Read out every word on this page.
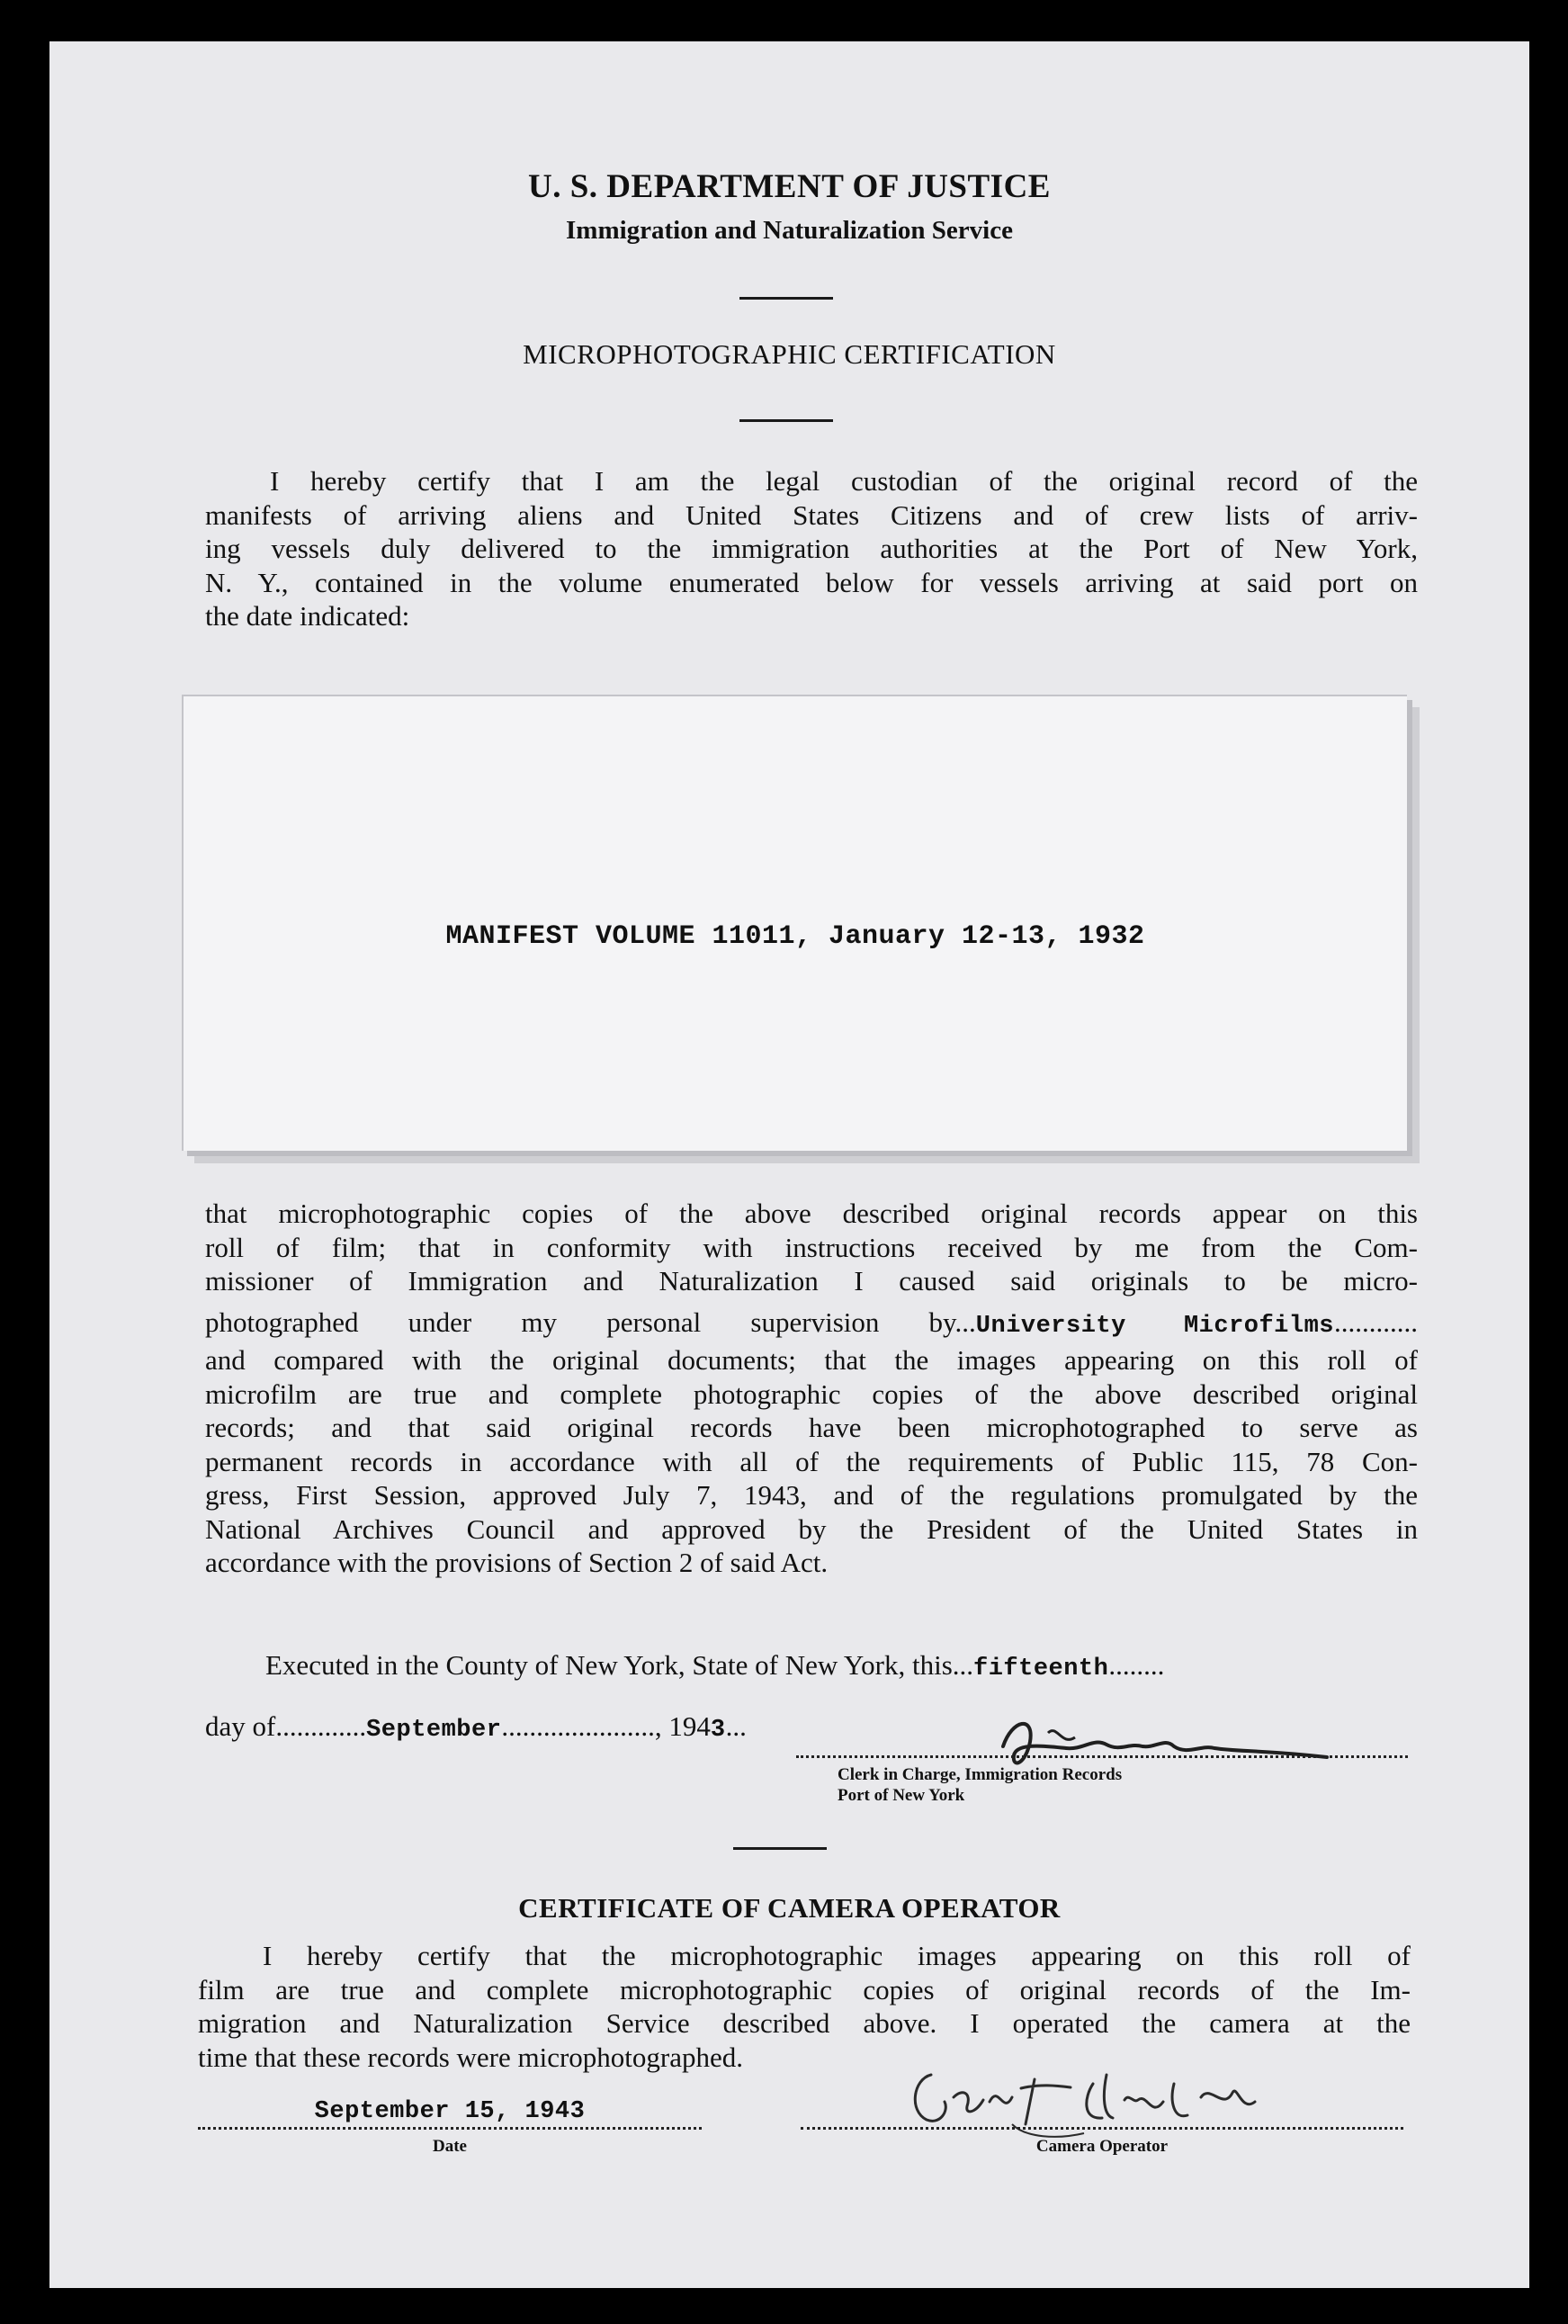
U. S. DEPARTMENT OF JUSTICE
Immigration and Naturalization Service
MICROPHOTOGRAPHIC CERTIFICATION

I hereby certify that I am the legal custodian of the original record of the

manifests of arriving aliens and United States Citizens and of crew lists of arriv-

ing vessels duly delivered to the immigration authorities at the Port of New York,

N. Y., contained in the volume enumerated below for vessels arriving at said port on

the date indicated:

MANIFEST VOLUME 11011, January 12-13, 1932

that microphotographic copies of the above described original records appear on this

roll of film; that in conformity with instructions received by me from the Com-

missioner of Immigration and Naturalization I caused said originals to be micro-

photographed under my personal supervision by...University Microfilms............

and compared with the original documents; that the images appearing on this roll of

microfilm are true and complete photographic copies of the above described original

records; and that said original records have been microphotographed to serve as

permanent records in accordance with all of the requirements of Public 115, 78 Con-

gress, First Session, approved July 7, 1943, and of the regulations promulgated by the

National Archives Council and approved by the President of the United States in

accordance with the provisions of Section 2 of said Act.

Executed in the County of New York, State of New York, this...fifteenth........
day of.............September......................, 1943...
Clerk in Charge, Immigration Records
Port of New York
CERTIFICATE OF CAMERA OPERATOR

I hereby certify that the microphotographic images appearing on this roll of

film are true and complete microphotographic copies of original records of the Im-

migration and Naturalization Service described above. I operated the camera at the

time that these records were microphotographed.

September 15, 1943
Date	Camera Operator
